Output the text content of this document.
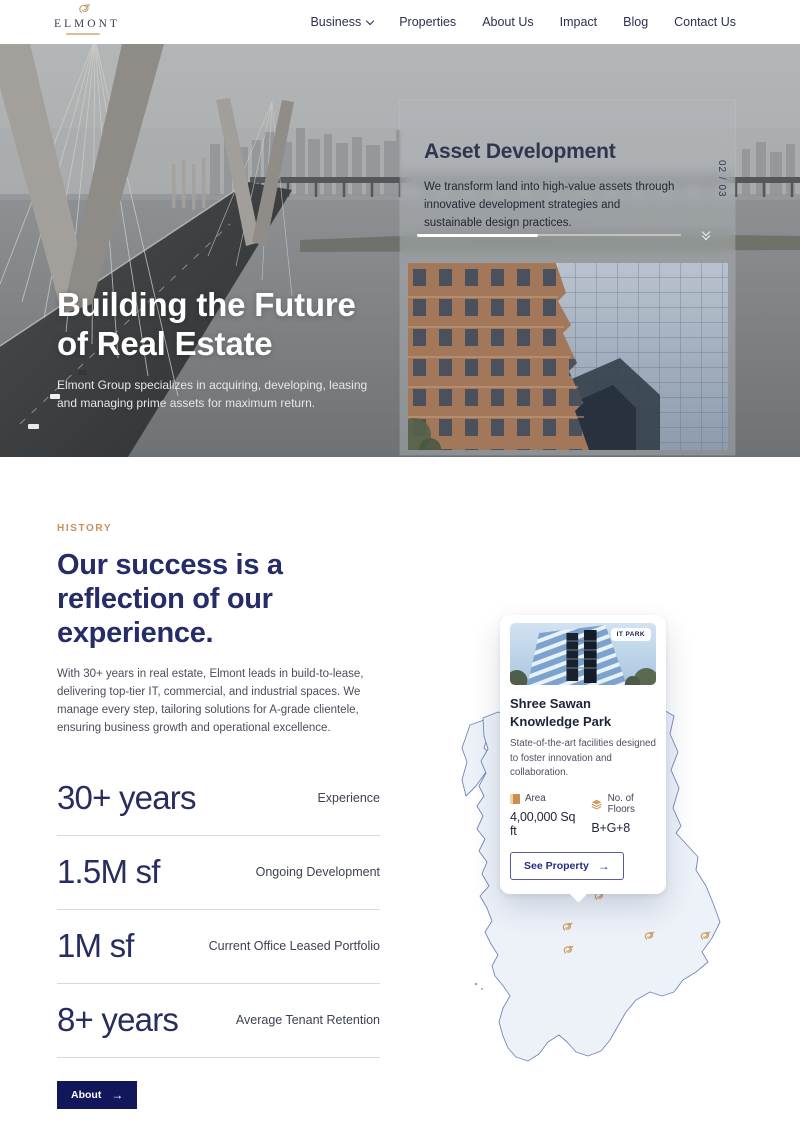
ELMONT	Business	Properties About Us Impact Blog Contact Us
Building the Future
of Real Estate

Elmont Group specializes in acquiring, developing, leasing and managing prime assets for maximum return.

Asset Development

We transform land into high-value assets through innovative development strategies and sustainable design practices.

02 / 03
HISTORY
Our success is a reflection of our experience.

With 30+ years in real estate, Elmont leads in build-to-lease, delivering top-tier IT, commercial, and industrial spaces. We manage every step, tailoring solutions for A-grade clientele, ensuring business growth and operational excellence.

30+ years	Experience
1.5M sf	Ongoing Development
1M sf	Current Office Leased Portfolio
8+ years	Average Tenant Retention
About →
IT PARK
Shree Sawan Knowledge Park

State-of-the-art facilities designed to foster innovation and collaboration.

Area
4,00,000 Sq ft
No. of Floors
B+G+8
See Property →
